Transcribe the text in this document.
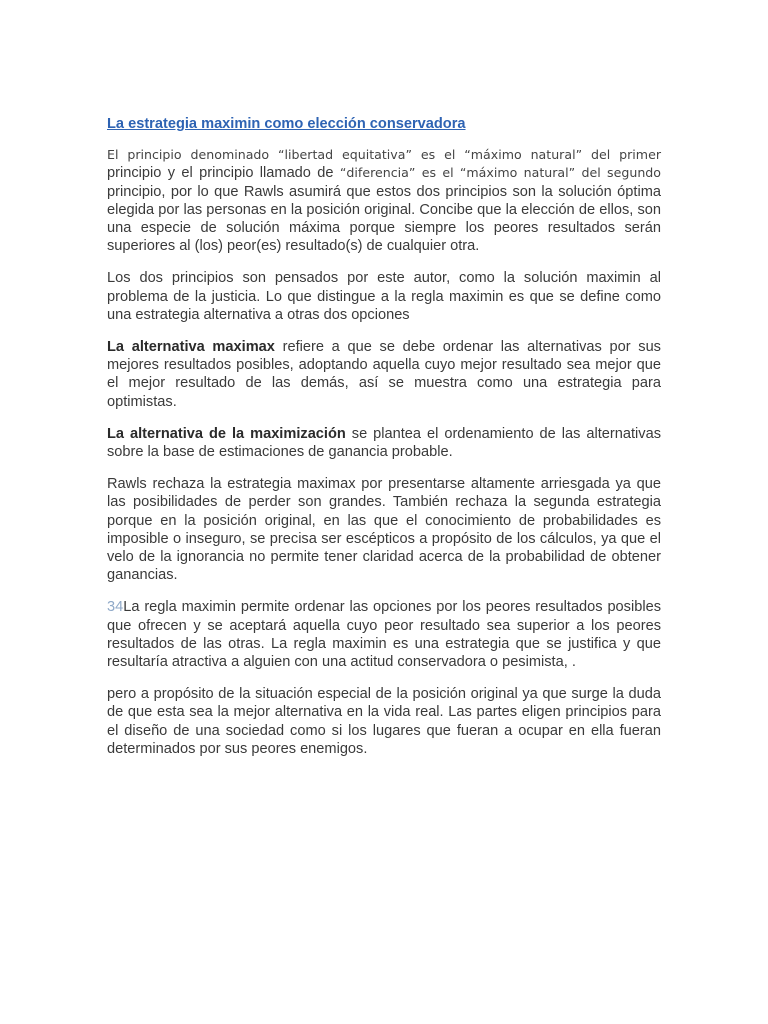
La estrategia maximin como elección conservadora

El principio denominado “libertad equitativa” es el “máximo natural” del primer principio y el principio llamado de “diferencia” es el “máximo natural” del segundo principio, por lo que Rawls asumirá que estos dos principios son la solución óptima elegida por las personas en la posición original. Concibe que la elección de ellos, son una especie de solución máxima porque siempre los peores resultados serán superiores al (los) peor(es) resultado(s) de cualquier otra.

Los dos principios son pensados por este autor, como la solución maximin al problema de la justicia. Lo que distingue a la regla maximin es que se define como una estrategia alternativa a otras dos opciones

La alternativa maximax refiere a que se debe ordenar las alternativas por sus mejores resultados posibles, adoptando aquella cuyo mejor resultado sea mejor que el mejor resultado de las demás, así se muestra como una estrategia para optimistas.

La alternativa de la maximización se plantea el ordenamiento de las alternativas sobre la base de estimaciones de ganancia probable.

Rawls rechaza la estrategia maximax por presentarse altamente arriesgada ya que las posibilidades de perder son grandes. También rechaza la segunda estrategia porque en la posición original, en las que el conocimiento de probabilidades es imposible o inseguro, se precisa ser escépticos a propósito de los cálculos, ya que el velo de la ignorancia no permite tener claridad acerca de la probabilidad de obtener ganancias.

34La regla maximin permite ordenar las opciones por los peores resultados posibles que ofrecen y se aceptará aquella cuyo peor resultado sea superior a los peores resultados de las otras. La regla maximin es una estrategia que se justifica y que resultaría atractiva a alguien con una actitud conservadora o pesimista, .

pero a propósito de la situación especial de la posición original ya que surge la duda de que esta sea la mejor alternativa en la vida real. Las partes eligen principios para el diseño de una sociedad como si los lugares que fueran a ocupar en ella fueran determinados por sus peores enemigos.
